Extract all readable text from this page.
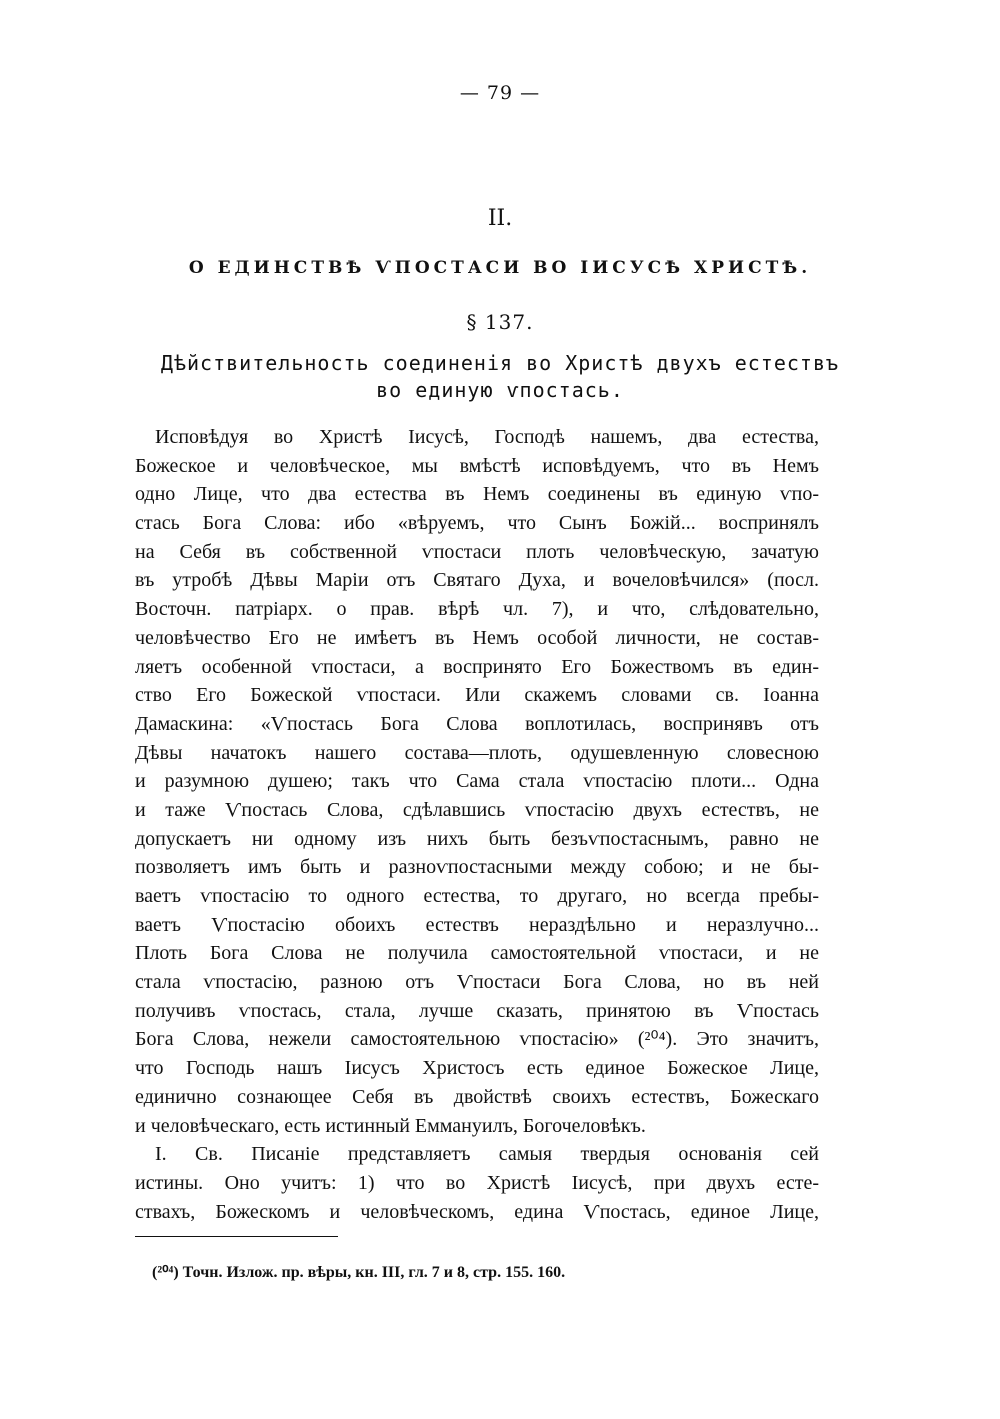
— 79 —
II.
О ЕДИНСТВѢ ѴПОСТАСИ ВО ІИСУСѢ ХРИСТѢ.
§ 137.
Дѣйствительность соединенія во Христѣ двухъ естествъ
во единую ѵпостась.
Исповѣдуя во Христѣ Іисусѣ, Господѣ нашемъ, два естества,
Божеское и человѣческое, мы вмѣстѣ исповѣдуемъ, что въ Немъ
одно Лице, что два естества въ Немъ соединены въ единую ѵпо-
стась Бога Слова: ибо «вѣруемъ, что Сынъ Божій... воспринялъ
на Себя въ собственной ѵпостаси плоть человѣческую, зачатую
въ утробѣ Дѣвы Маріи отъ Святаго Духа, и вочеловѣчился» (посл.
Восточн. патріарх. о прав. вѣрѣ чл. 7), и что, слѣдовательно,
человѣчество Его не имѣетъ въ Немъ особой личности, не состав-
ляетъ особенной ѵпостаси, а воспринято Его Божествомъ въ един-
ство Его Божеской ѵпостаси. Или скажемъ словами св. Іоанна
Дамаскина: «Ѵпостась Бога Слова воплотилась, воспринявъ отъ
Дѣвы начатокъ нашего состава—плоть, одушевленную словесною
и разумною душею; такъ что Сама стала ѵпостасію плоти... Одна
и таже Ѵпостась Слова, сдѣлавшись ѵпостасію двухъ естествъ, не
допускаетъ ни одному изъ нихъ быть безъѵпостаснымъ, равно не
позволяетъ имъ быть и разноѵпостасными между собою; и не бы-
ваетъ ѵпостасію то одного естества, то другаго, но всегда пребы-
ваетъ Ѵпостасію обоихъ естествъ нераздѣльно и неразлучно...
Плоть Бога Слова не получила самостоятельной ѵпостаси, и не
стала ѵпостасію, разною отъ Ѵпостаси Бога Слова, но въ ней
получивъ ѵпостась, стала, лучше сказать, принятою въ Ѵпостась
Бога Слова, нежели самостоятельною ѵпостасію» (²⁰⁴). Это значитъ,
что Господь нашъ Іисусъ Христосъ есть единое Божеское Лице,
единично сознающее Себя въ двойствѣ своихъ естествъ, Божескаго
и человѣческаго, есть истинный Еммануилъ, Богочеловѣкъ.
І. Св. Писаніе представляетъ самыя твердыя основанія сей
истины. Оно учитъ: 1) что во Христѣ Іисусѣ, при двухъ есте-
ствахъ, Божескомъ и человѣческомъ, едина Ѵпостась, единое Лице,
(²⁰⁴) Точн. Излож. пр. вѣры, кн. III, гл. 7 и 8, стр. 155. 160.
